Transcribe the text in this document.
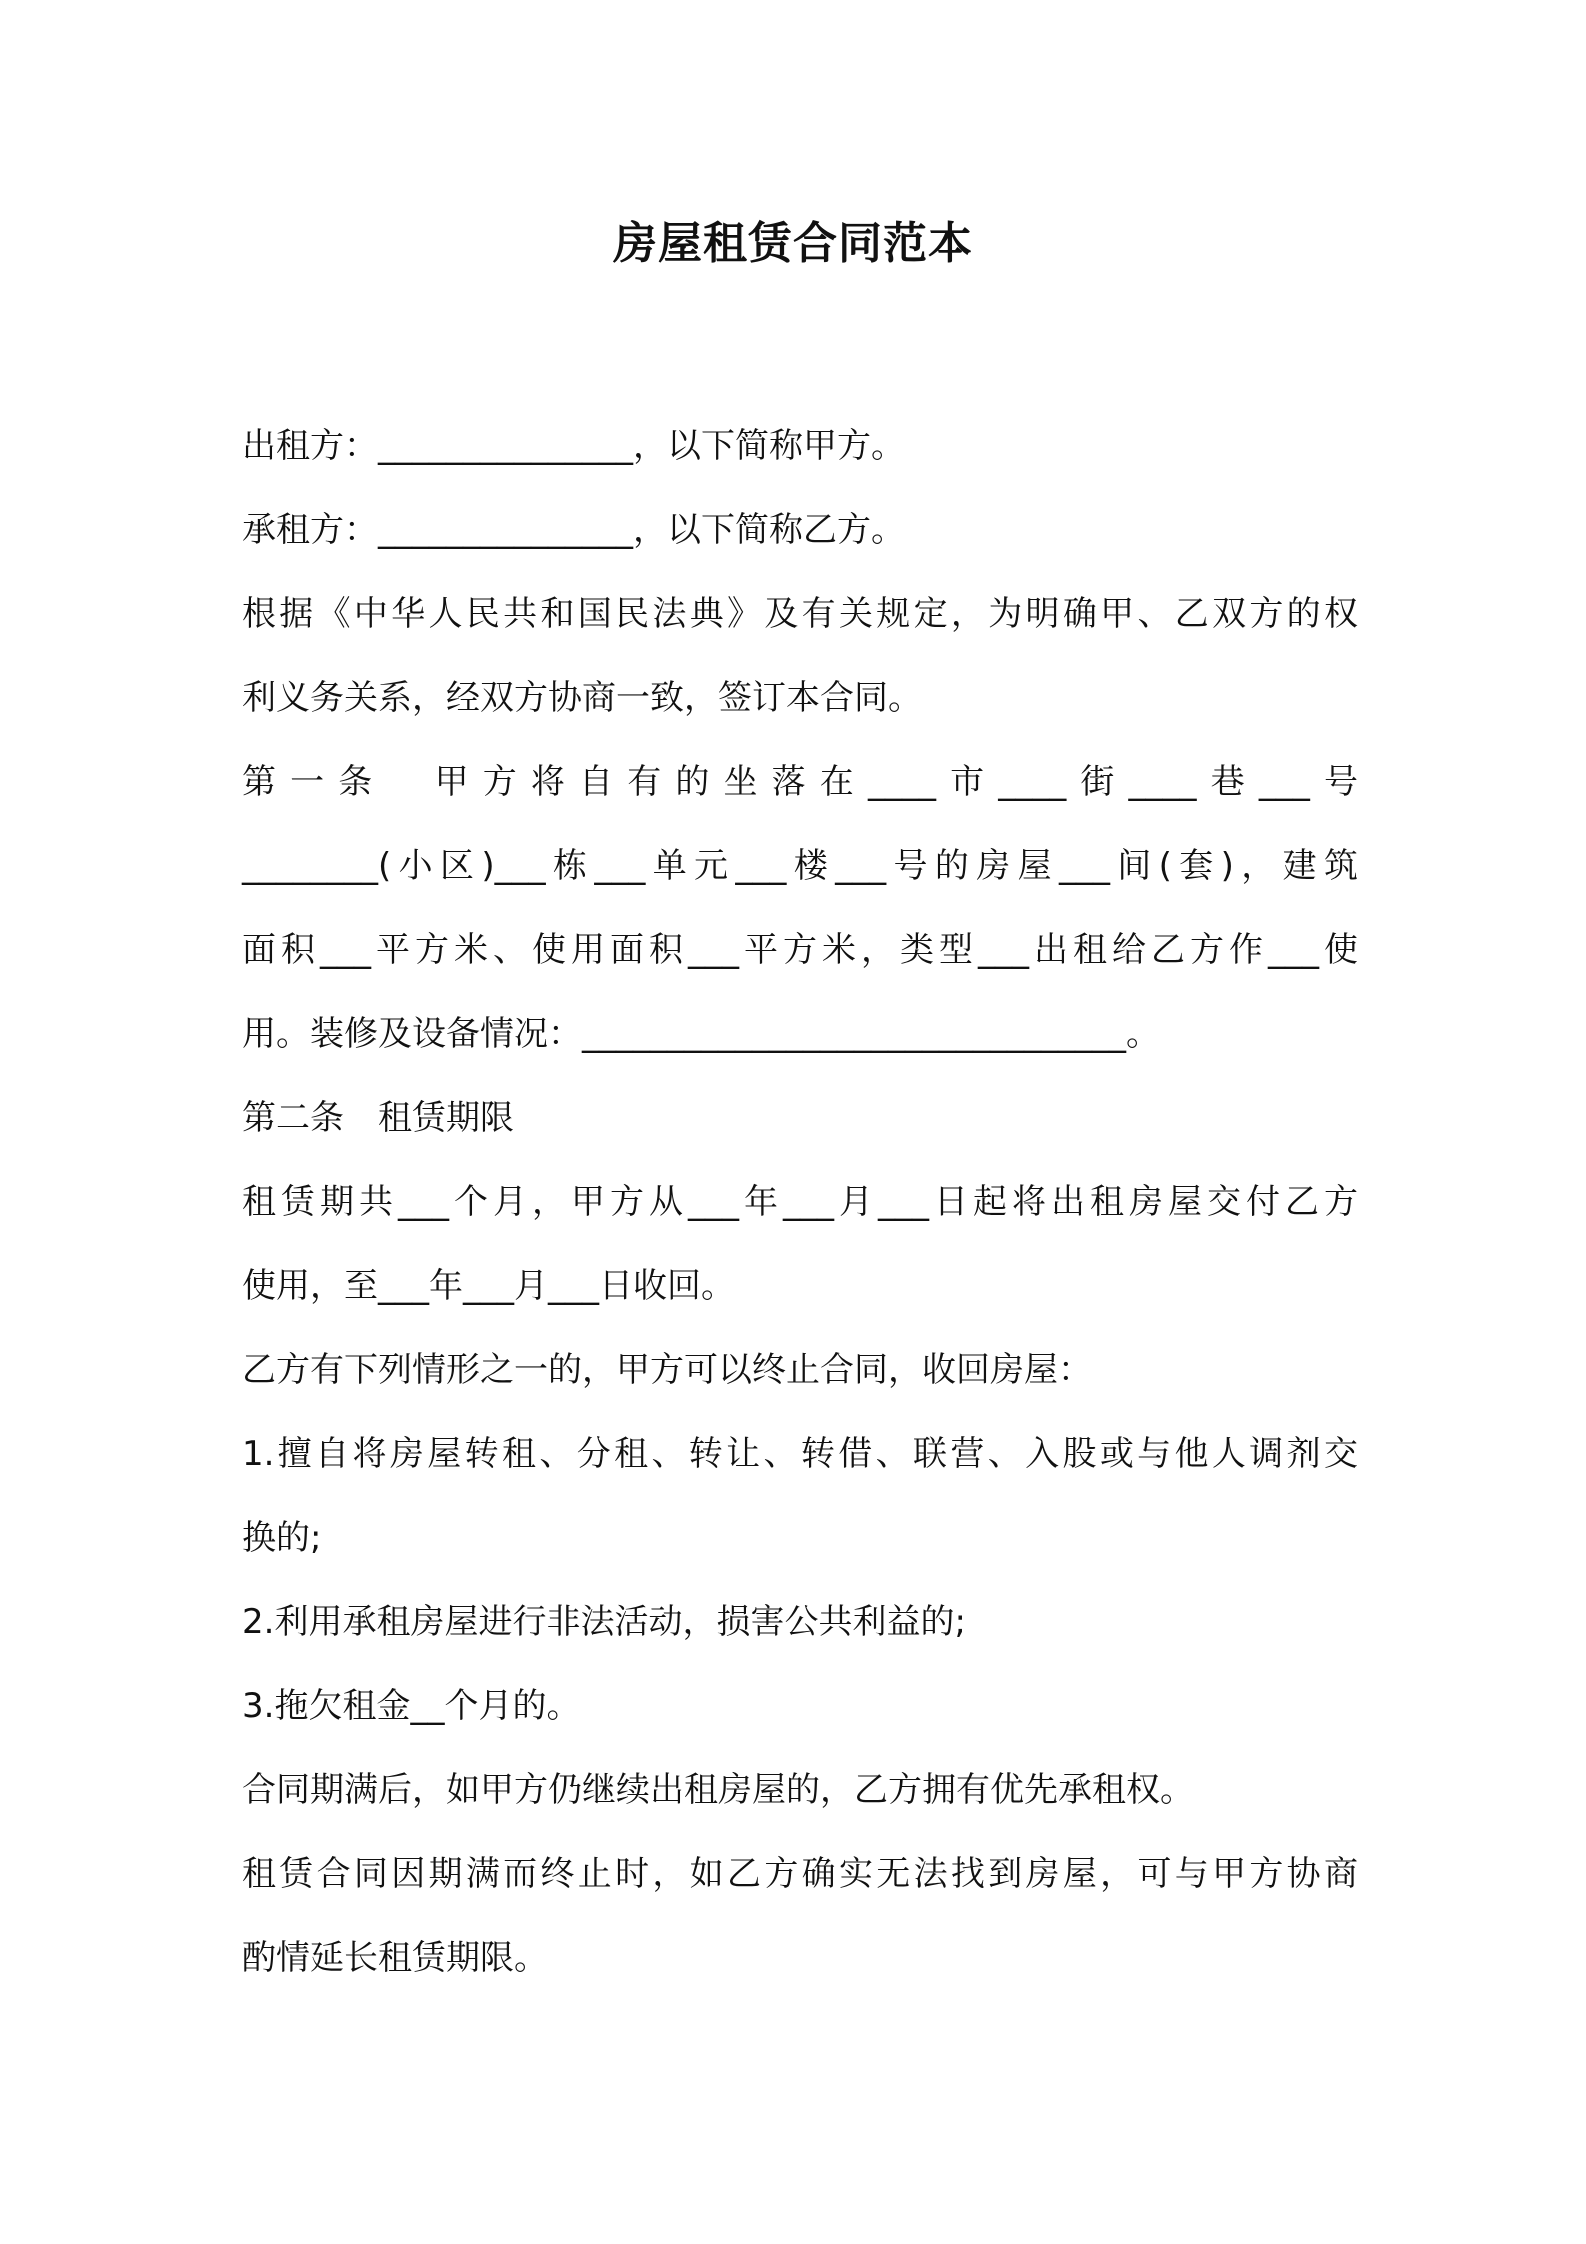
房屋租赁合同范本
出租方：_______________，以下简称甲方。
承租方：_______________，以下简称乙方。
根据《中华人民共和国民法典》及有关规定，为明确甲、乙双方的权
利义务关系，经双方协商一致，签订本合同。
第一条　甲方将自有的坐落在____市____街____巷___号
________(小区)___栋___单元___楼___号的房屋___间(套)，建筑
面积___平方米、使用面积___平方米，类型___出租给乙方作___使
用。装修及设备情况：________________________________。
第二条　租赁期限
租赁期共___个月，甲方从___年___月___日起将出租房屋交付乙方
使用，至___年___月___日收回。
乙方有下列情形之一的，甲方可以终止合同，收回房屋：
1.擅自将房屋转租、分租、转让、转借、联营、入股或与他人调剂交
换的;
2.利用承租房屋进行非法活动，损害公共利益的;
3.拖欠租金__个月的。
合同期满后，如甲方仍继续出租房屋的，乙方拥有优先承租权。
租赁合同因期满而终止时，如乙方确实无法找到房屋，可与甲方协商
酌情延长租赁期限。
